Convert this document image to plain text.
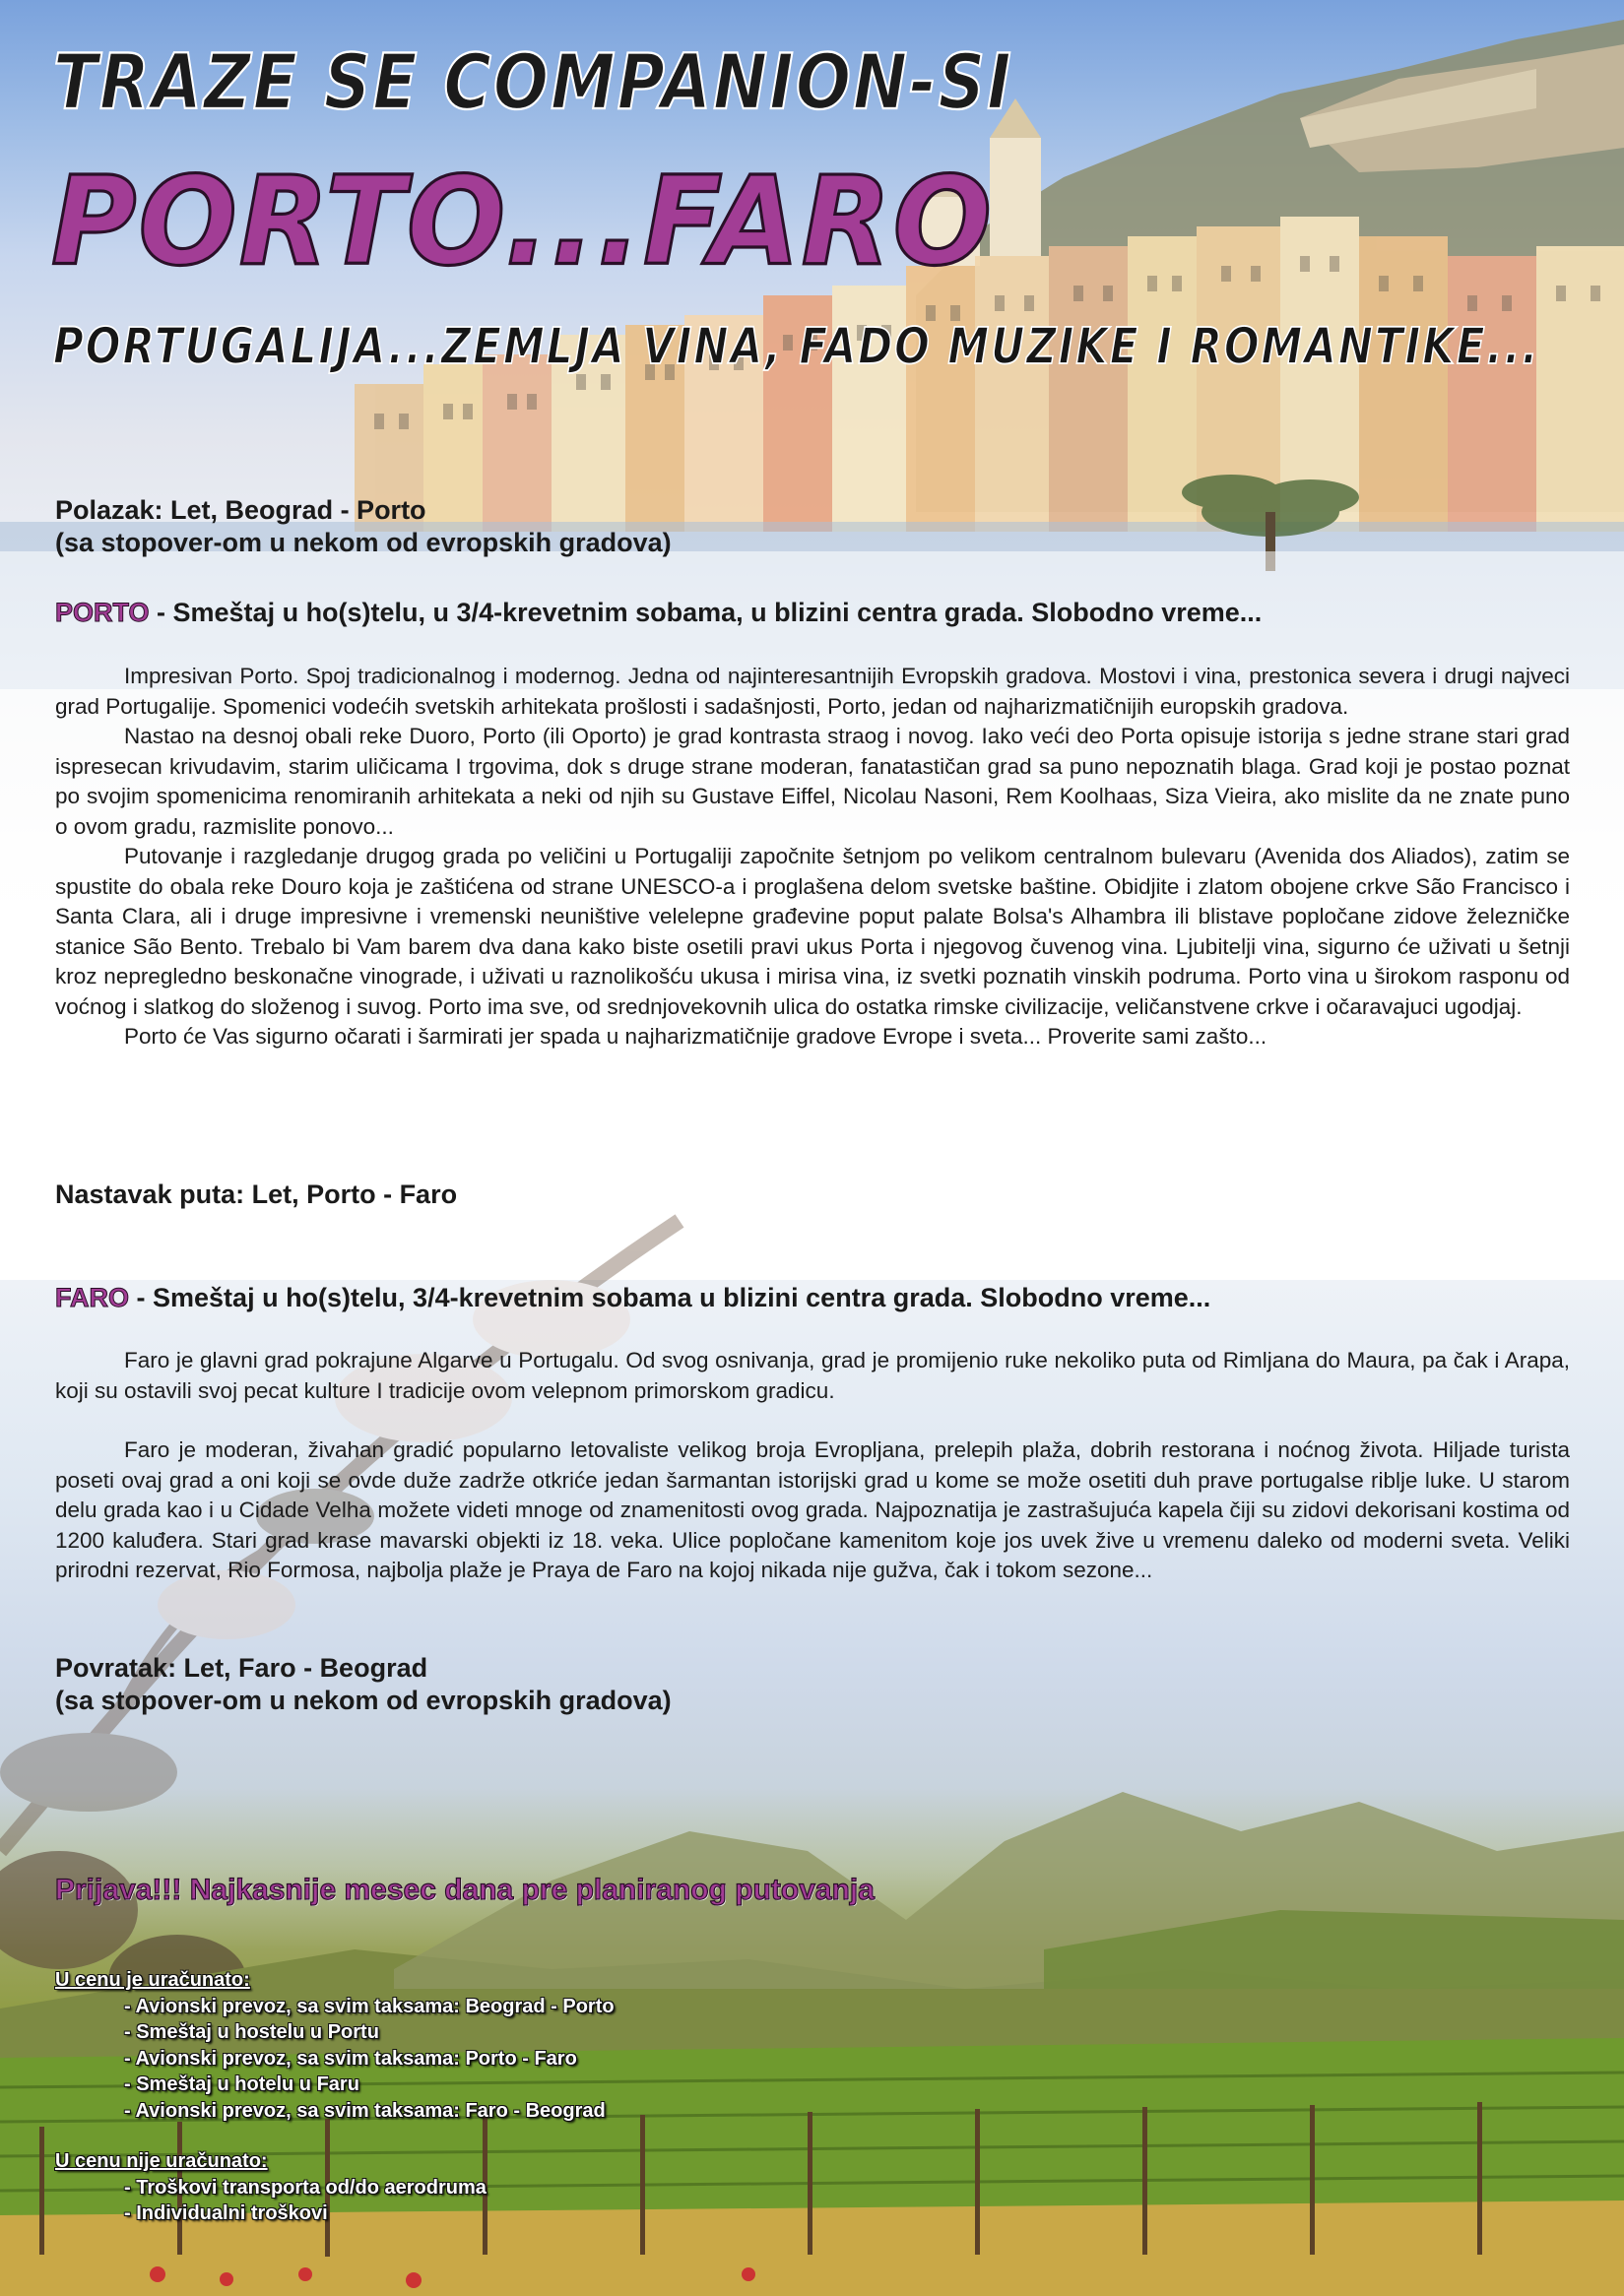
TRAZE SE COMPANION-SI
PORTO...FARO
PORTUGALIJA...ZEMLJA VINA, FADO MUZIKE I ROMANTIKE...
Polazak: Let, Beograd - Porto
(sa stopover-om u nekom od evropskih gradova)
PORTO - Smeštaj u ho(s)telu, u 3/4-krevetnim sobama, u blizini centra grada. Slobodno vreme...

Impresivan Porto. Spoj tradicionalnog i modernog. Jedna od najinteresantnijih Evropskih gradova. Mostovi i vina, prestonica severa i drugi najveci grad Portugalije. Spomenici vodećih svetskih arhitekata prošlosti i sadašnjosti, Porto, jedan od najharizmatičnijih europskih gradova.

Nastao na desnoj obali reke Duoro, Porto (ili Oporto) je grad kontrasta straog i novog. Iako veći deo Porta opisuje istorija s jedne strane stari grad ispresecan krivudavim, starim uličicama I trgovima, dok s druge strane moderan, fanatastičan grad sa puno nepoznatih blaga. Grad koji je postao poznat po svojim spomenicima renomiranih arhitekata a neki od njih su Gustave Eiffel, Nicolau Nasoni, Rem Koolhaas, Siza Vieira, ako mislite da ne znate puno o ovom gradu, razmislite ponovo...

Putovanje i razgledanje drugog grada po veličini u Portugaliji započnite šetnjom po velikom centralnom bulevaru (Avenida dos Aliados), zatim se spustite do obala reke Douro koja je zaštićena od strane UNESCO-a i proglašena delom svetske baštine. Obidjite i zlatom obojene crkve São Francisco i Santa Clara, ali i druge impresivne i vremenski neuništive velelepne građevine poput palate Bolsa's Alhambra ili blistave popločane zidove železničke stanice São Bento. Trebalo bi Vam barem dva dana kako biste osetili pravi ukus Porta i njegovog čuvenog vina. Ljubitelji vina, sigurno će uživati u šetnji kroz nepregledno beskonačne vinograde, i uživati u raznolikošću ukusa i mirisa vina, iz svetki poznatih vinskih podruma. Porto vina u širokom rasponu od voćnog i slatkog do složenog i suvog. Porto ima sve, od srednjovekovnih ulica do ostatka rimske civilizacije, veličanstvene crkve i očaravajuci ugodjaj.

Porto će Vas sigurno očarati i šarmirati jer spada u najharizmatičnije gradove Evrope i sveta... Proverite sami zašto...

Nastavak puta: Let, Porto - Faro
FARO - Smeštaj u ho(s)telu, 3/4-krevetnim sobama u blizini centra grada. Slobodno vreme...

Faro je glavni grad pokrajune Algarve u Portugalu. Od svog osnivanja, grad je promijenio ruke nekoliko puta od Rimljana do Maura, pa čak i Arapa, koji su ostavili svoj pecat kulture I tradicije ovom velepnom primorskom gradicu.

Faro je moderan, živahan gradić popularno letovaliste velikog broja Evropljana, prelepih plaža, dobrih restorana i noćnog života. Hiljade turista poseti ovaj grad a oni koji se ovde duže zadrže otkriće jedan šarmantan istorijski grad u kome se može osetiti duh prave portugalse riblje luke. U starom delu grada kao i u Cidade Velha možete videti mnoge od znamenitosti ovog grada. Najpoznatija je zastrašujuća kapela čiji su zidovi dekorisani kostima od 1200 kaluđera. Stari grad krase mavarski objekti iz 18. veka. Ulice popločane kamenitom koje jos uvek žive u vremenu daleko od moderni sveta. Veliki prirodni rezervat, Rio Formosa, najbolja plaže je Praya de Faro na kojoj nikada nije gužva, čak i tokom sezone...

Povratak: Let, Faro - Beograd
(sa stopover-om u nekom od evropskih gradova)
Prijava!!! Najkasnije mesec dana pre planiranog putovanja
U cenu je uračunato:
- Avionski prevoz, sa svim taksama: Beograd - Porto
- Smeštaj u hostelu u Portu
- Avionski prevoz, sa svim taksama: Porto - Faro
- Smeštaj u hotelu u Faru
- Avionski prevoz, sa svim taksama: Faro - Beograd
U cenu nije uračunato:
- Troškovi transporta od/do aerodruma
- Individualni troškovi
